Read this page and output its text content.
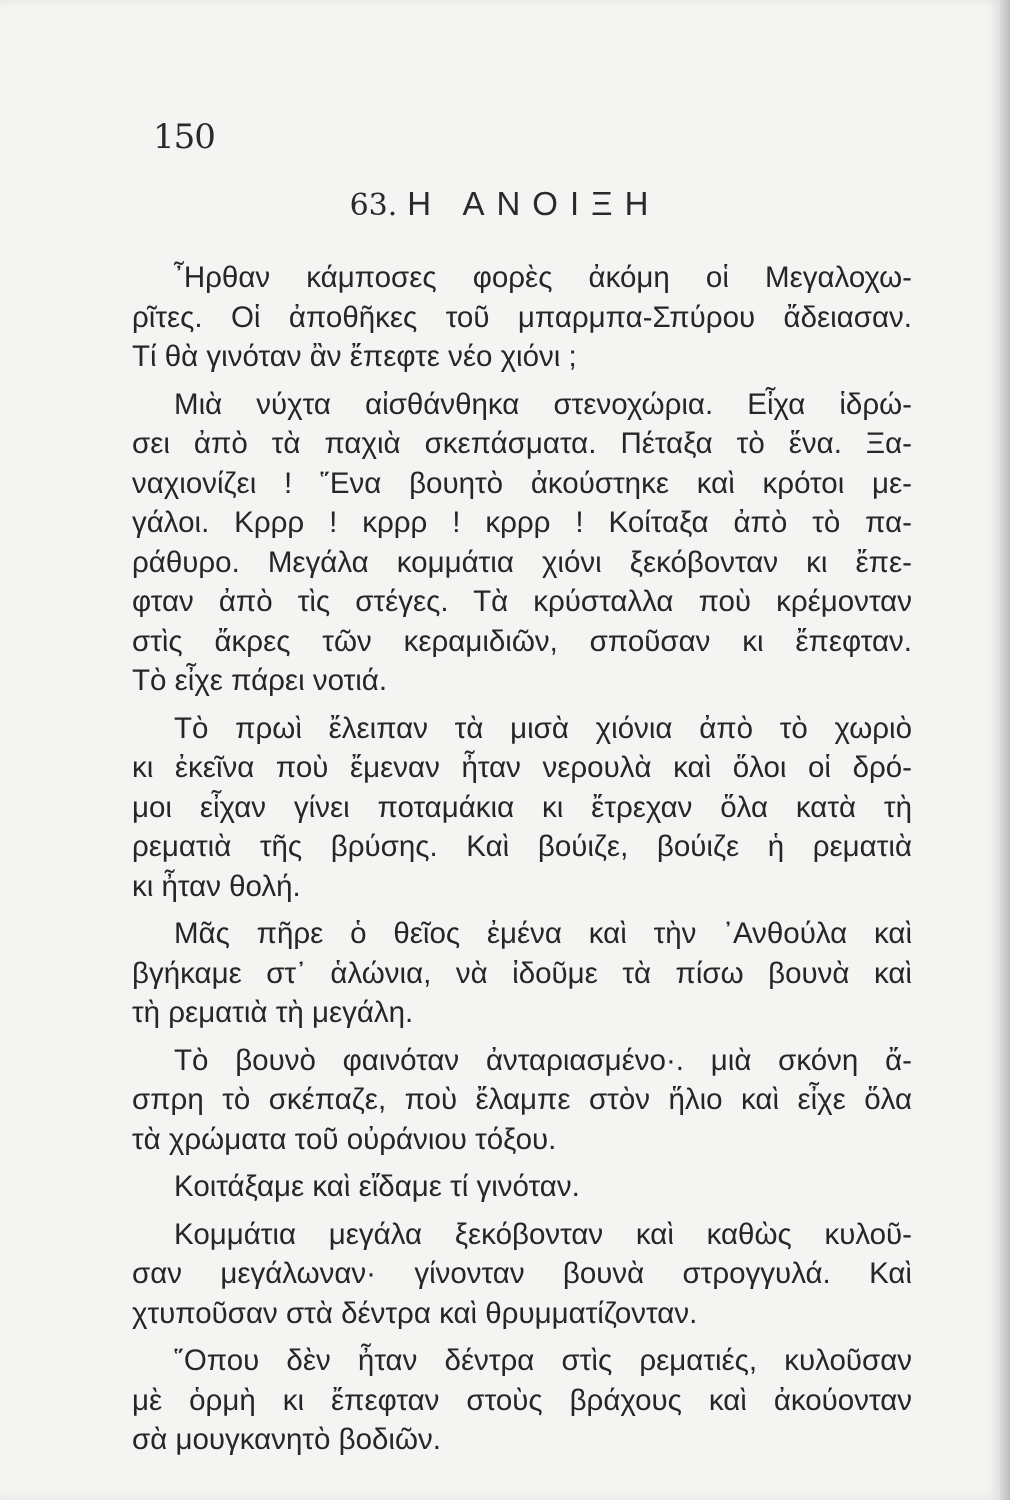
150
63. Η ΑΝΟΙΞΗ
῏Ηρθαν κάμποσες φορὲς ἀκόμη οἱ Μεγαλοχω-
ρῖτες. Οἱ ἀποθῆκες τοῦ μπαρμπα-Σπύρου ἄδειασαν.
Τί θὰ γινόταν ἂν ἔπεφτε νέο χιόνι ;
Μιὰ νύχτα αἰσθάνθηκα στενοχώρια. Εἶχα ἱδρώ-
σει ἀπὸ τὰ παχιὰ σκεπάσματα. Πέταξα τὸ ἕνα. Ξα-
ναχιονίζει ! ῞Ενα βουητὸ ἀκούστηκε καὶ κρότοι με-
γάλοι. Κρρρ ! κρρρ ! κρρρ ! Κοίταξα ἀπὸ τὸ πα-
ράθυρο. Μεγάλα κομμάτια χιόνι ξεκόβονταν κι ἔπε-
φταν ἀπὸ τὶς στέγες. Τὰ κρύσταλλα ποὺ κρέμονταν
στὶς ἄκρες τῶν κεραμιδιῶν, σποῦσαν κι ἔπεφταν.
Τὸ εἶχε πάρει νοτιά.
Τὸ πρωὶ ἔλειπαν τὰ μισὰ χιόνια ἀπὸ τὸ χωριὸ
κι ἐκεῖνα ποὺ ἔμεναν ἦταν νερουλὰ καὶ ὅλοι οἱ δρό-
μοι εἶχαν γίνει ποταμάκια κι ἔτρεχαν ὅλα κατὰ τὴ
ρεματιὰ τῆς βρύσης. Καὶ βούιζε, βούιζε ἡ ρεματιὰ
κι ἦταν θολή.
Μᾶς πῆρε ὁ θεῖος ἐμένα καὶ τὴν ᾿Ανθούλα καὶ
βγήκαμε στ᾿ ἁλώνια, νὰ ἰδοῦμε τὰ πίσω βουνὰ καὶ
τὴ ρεματιὰ τὴ μεγάλη.
Τὸ βουνὸ φαινόταν ἀνταριασμένο·. μιὰ σκόνη ἄ-
σπρη τὸ σκέπαζε, ποὺ ἔλαμπε στὸν ἥλιο καὶ εἶχε ὅλα
τὰ χρώματα τοῦ οὐράνιου τόξου.
Κοιτάξαμε καὶ εἴδαμε τί γινόταν.
Κομμάτια μεγάλα ξεκόβονταν καὶ καθὼς κυλοῦ-
σαν μεγάλωναν· γίνονταν βουνὰ στρογγυλά. Καὶ
χτυποῦσαν στὰ δέντρα καὶ θρυμματίζονταν.
῞Οπου δὲν ἦταν δέντρα στὶς ρεματιές, κυλοῦσαν
μὲ ὁρμὴ κι ἔπεφταν στοὺς βράχους καὶ ἀκούονταν
σὰ μουγκανητὸ βοδιῶν.
